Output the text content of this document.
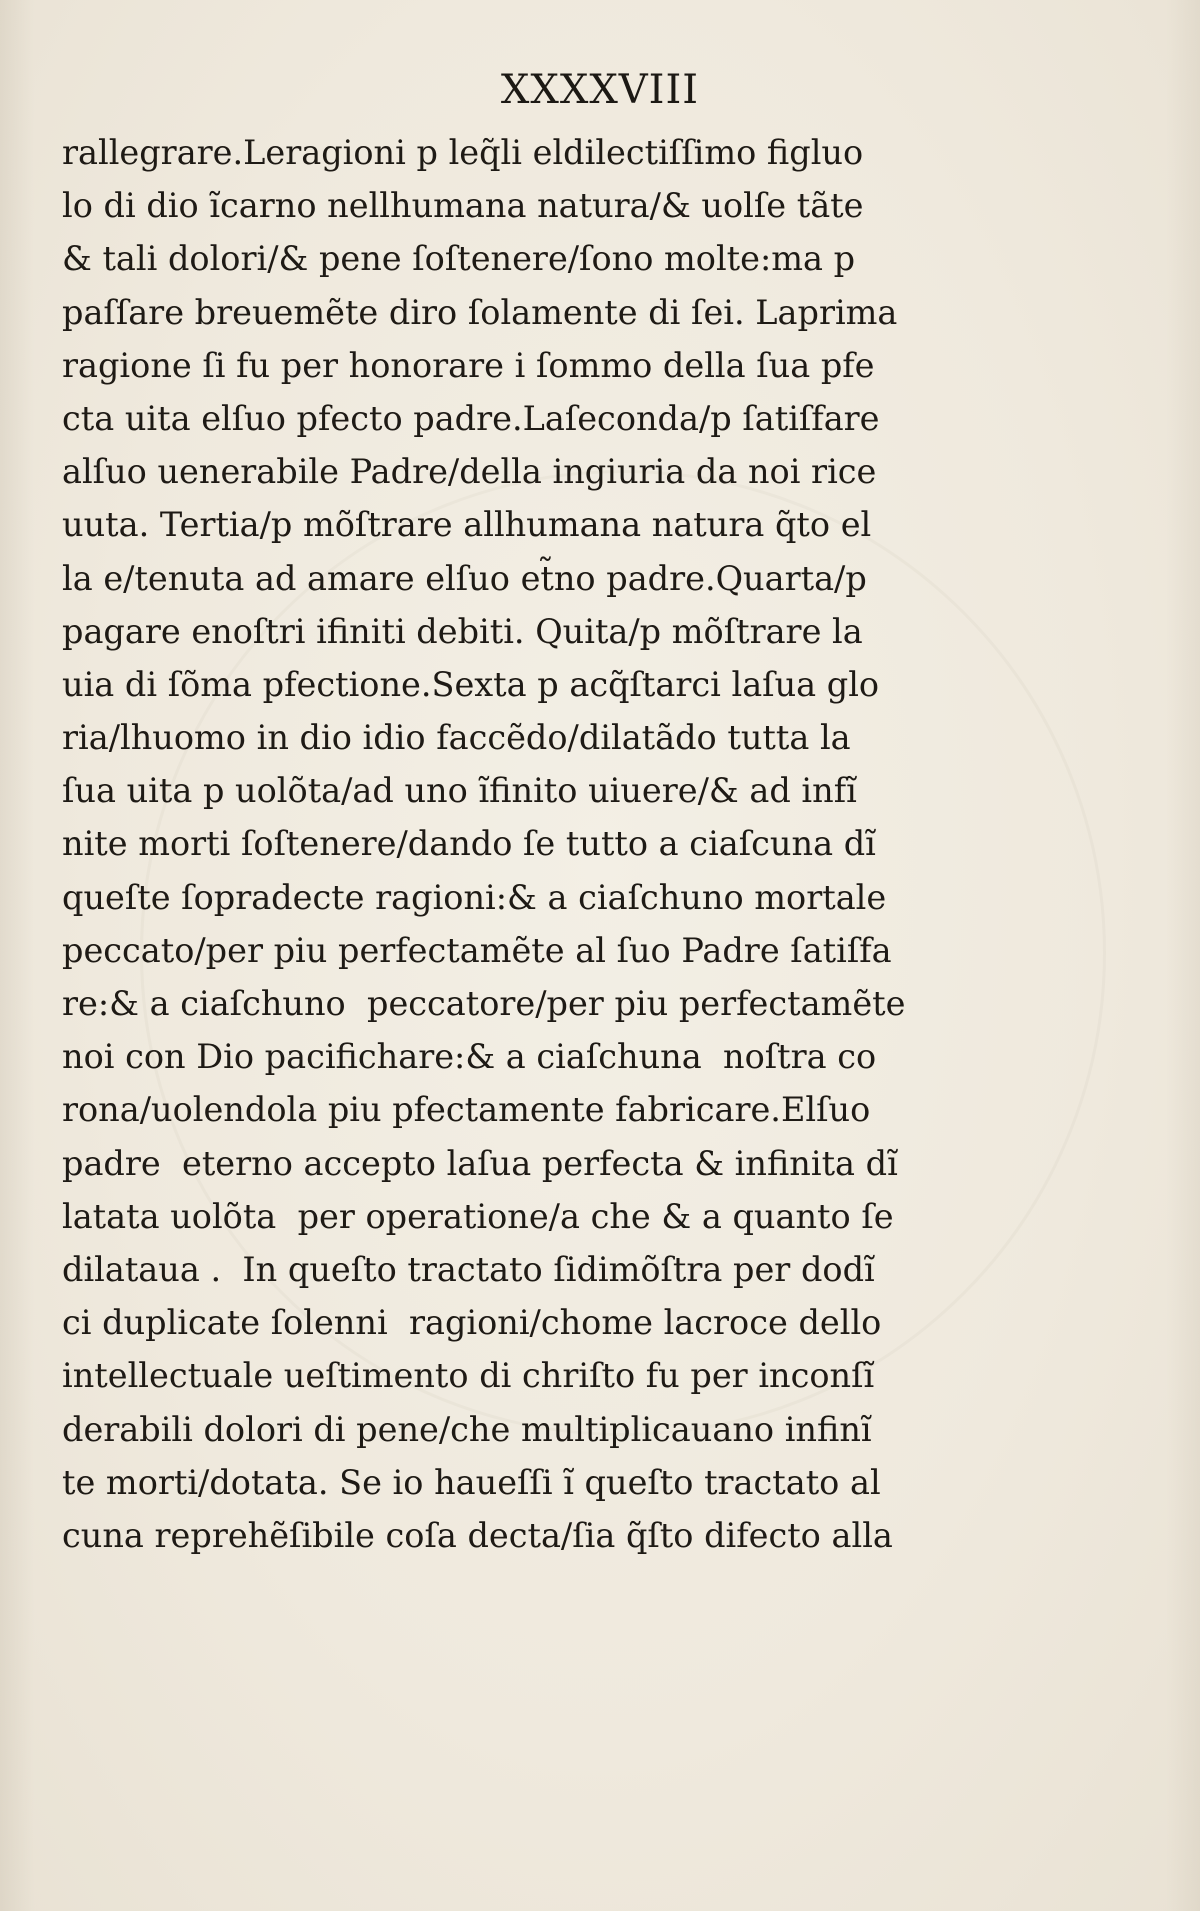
XXXXVIII
rallegrare.Leragioni p leq̃li eldilectiſſimo figluo
lo di dio ĩcarno nellhumana natura/& uolſe tãte
& tali dolori/& pene ſoſtenere/ſono molte:ma p
paſſare breuemẽte diro ſolamente di ſei. Laprima
ragione ſi fu per honorare i ſommo della ſua pfe
cta uita elſuo pfecto padre.Laſeconda/p ſatiſfare
alſuo uenerabile Padre/della ingiuria da noi rice
uuta. Tertia/p mõſtrare allhumana natura q̃to el
la e/tenuta ad amare elſuo et̃no padre.Quarta/p
pagare enoſtri ifiniti debiti. Quita/p mõſtrare la
uia di ſõma pfectione.Sexta p acq̃ſtarci laſua glo
ria/lhuomo in dio idio faccẽdo/dilatãdo tutta la
ſua uita p uolõta/ad uno ĩfinito uiuere/& ad infĩ
nite morti ſoſtenere/dando ſe tutto a ciaſcuna dĩ
queſte ſopradecte ragioni:& a ciaſchuno mortale
peccato/per piu perfectamẽte al ſuo Padre ſatiſfa
re:& a ciaſchuno  peccatore/per piu perfectamẽte
noi con Dio pacifichare:& a ciaſchuna  noſtra co
rona/uolendola piu pfectamente fabricare.Elſuo
padre  eterno accepto laſua perfecta & infinita dĩ
latata uolõta  per operatione/a che & a quanto ſe
dilataua .  In queſto tractato ſidimõſtra per dodĩ
ci duplicate ſolenni  ragioni/chome lacroce dello
intellectuale ueſtimento di chriſto fu per inconſĩ
derabili dolori di pene/che multiplicauano infinĩ
te morti/dotata. Se io haueſſi ĩ queſto tractato al
cuna reprehẽſibile coſa decta/ſia q̃ſto difecto alla
